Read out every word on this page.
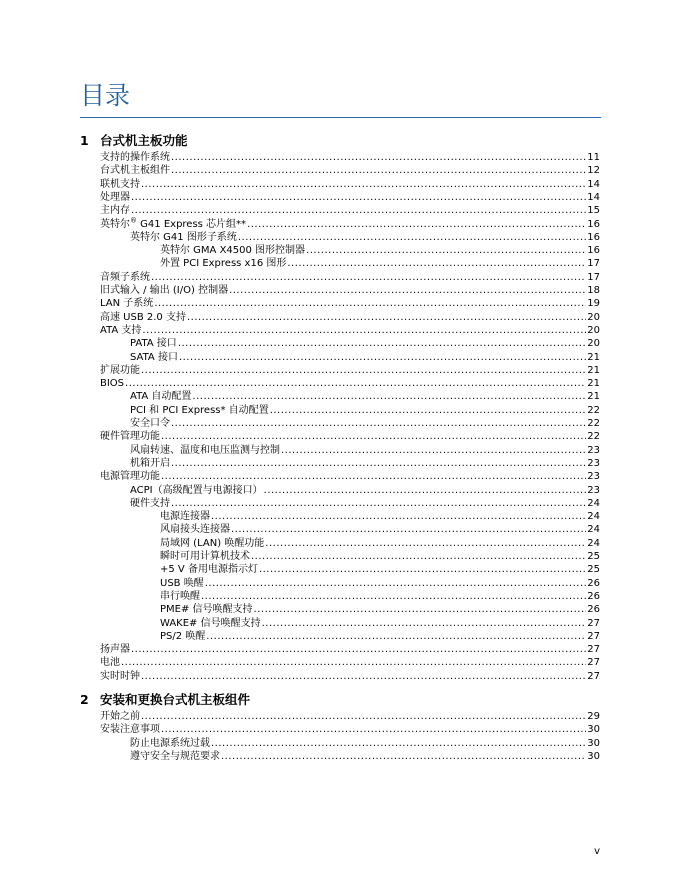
目录
1 台式机主板功能
支持的操作系统 .....	11
台式机主板组件 .....	12
联机支持 .....	14
处理器 .....	14
主内存 .....	15
英特尔® G41 Express 芯片组** .....	16
英特尔 G41 图形子系统 .....	16
英特尔 GMA X4500 图形控制器 .....	16
外置 PCI Express x16 图形 .....	17
音频子系统 .....	17
旧式输入 / 输出 (I/O) 控制器 .....	18
LAN 子系统 .....	19
高速 USB 2.0 支持 .....	20
ATA 支持 .....	20
PATA 接口 .....	20
SATA 接口 .....	21
扩展功能 .....	21
BIOS .....	21
ATA 自动配置 .....	21
PCI 和 PCI Express* 自动配置 .....	22
安全口令 .....	22
硬件管理功能 .....	22
风扇转速、温度和电压监测与控制 .....	23
机箱开启 .....	23
电源管理功能 .....	23
ACPI（高级配置与电源接口） .....	23
硬件支持 .....	24
电源连接器 .....	24
风扇接头连接器 .....	24
局域网 (LAN) 唤醒功能 .....	24
瞬时可用计算机技术 .....	25
+5 V 备用电源指示灯 .....	25
USB 唤醒 .....	26
串行唤醒 .....	26
PME# 信号唤醒支持 .....	26
WAKE# 信号唤醒支持 .....	27
PS/2 唤醒 .....	27
扬声器 .....	27
电池 .....	27
实时时钟 .....	27
2 安装和更换台式机主板组件
开始之前 .....	29
安装注意事项 .....	30
防止电源系统过载 .....	30
遵守安全与规范要求 .....	30
v
